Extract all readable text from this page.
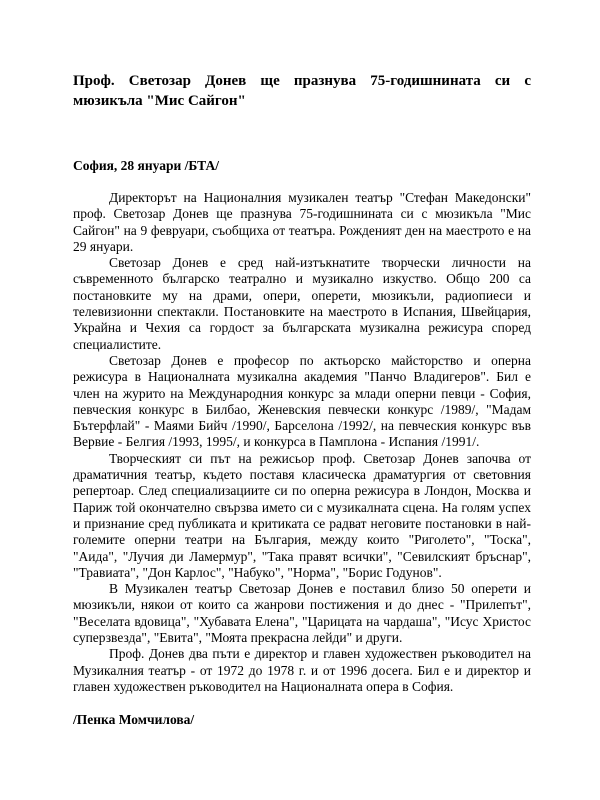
Проф. Светозар Донев ще празнува 75-годишнината си с мюзикъла "Мис Сайгон"

София, 28 януари /БТА/

Директорът на Националния музикален театър "Стефан Македонски" проф. Светозар Донев ще празнува 75-годишнината си с мюзикъла "Мис Сайгон" на 9 февруари, съобщиха от театъра. Рожденият ден на маестрото е на 29 януари.

Светозар Донев е сред най-изтъкнатите творчески личности на съвременното българско театрално и музикално изкуство. Общо 200 са постановките му на драми, опери, оперети, мюзикъли, радиопиеси и телевизионни спектакли. Постановките на маестрото в Испания, Швейцария, Украйна и Чехия са гордост за българската музикална режисура според специалистите.

Светозар Донев е професор по актьорско майсторство и оперна режисура в Националната музикална академия "Панчо Владигеров". Бил е член на журито на Международния конкурс за млади оперни певци - София, певческия конкурс в Билбао, Женевския певчески конкурс /1989/, "Мадам Бътерфлай" - Маями Бийч /1990/, Барселона /1992/, на певческия конкурс във Вервие - Белгия /1993, 1995/, и конкурса в Памплона - Испания /1991/.

Творческият си път на режисьор проф. Светозар Донев започва от драматичния театър, където поставя класическа драматургия от световния репертоар. След специализациите си по оперна режисура в Лондон, Москва и Париж той окончателно свързва името си с музикалната сцена. На голям успех и признание сред публиката и критиката се радват неговите постановки в най-големите оперни театри на България, между които "Риголето", "Тоска", "Аида", "Лучия ди Ламермур", "Така правят всички", "Севилският бръснар", "Травиата", "Дон Карлос", "Набуко", "Норма", "Борис Годунов".

В Музикален театър Светозар Донев е поставил близо 50 оперети и мюзикъли, някои от които са жанрови постижения и до днес - "Прилепът", "Веселата вдовица", "Хубавата Елена", "Царицата на чардаша", "Исус Христос суперзвезда", "Евита", "Моята прекрасна лейди" и други.

Проф. Донев два пъти е директор и главен художествен ръководител на Музикалния театър - от 1972 до 1978 г. и от 1996 досега. Бил е и директор и главен художествен ръководител на Националната опера в София.

/Пенка Момчилова/
